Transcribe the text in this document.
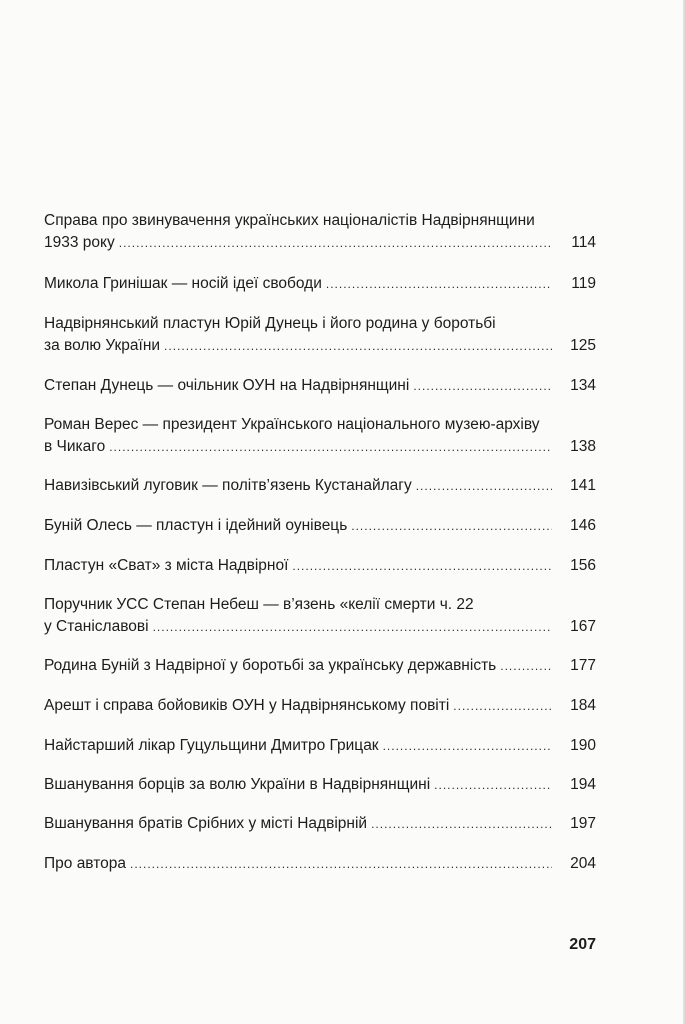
Справа про звинувачення українських націоналістів Надвірнянщини
1933 року .....	114
Микола Гринішак — носій ідеї свободи .....	119
Надвірнянський пластун Юрій Дунець і його родина у боротьбі
за волю України .....	125
Степан Дунець — очільник ОУН на Надвірнянщині .....	134
Роман Верес — президент Українського національного музею-архіву
в Чикаго .....	138
Навизівський луговик — політв’язень Кустанайлагу .....	141
Буній Олесь — пластун і ідейний оунівець .....	146
Пластун «Сват» з міста Надвірної .....	156
Поручник УСС Степан Небеш — в’язень «келії смерти ч. 22
у Станіславові .....	167
Родина Буній з Надвірної у боротьбі за українську державність .....	177
Арешт і справа бойовиків ОУН у Надвірнянському повіті .....	184
Найстарший лікар Гуцульщини Дмитро Грицак .....	190
Вшанування борців за волю України в Надвірнянщині .....	194
Вшанування братів Срібних у місті Надвірній .....	197
Про автора .....	204
207
